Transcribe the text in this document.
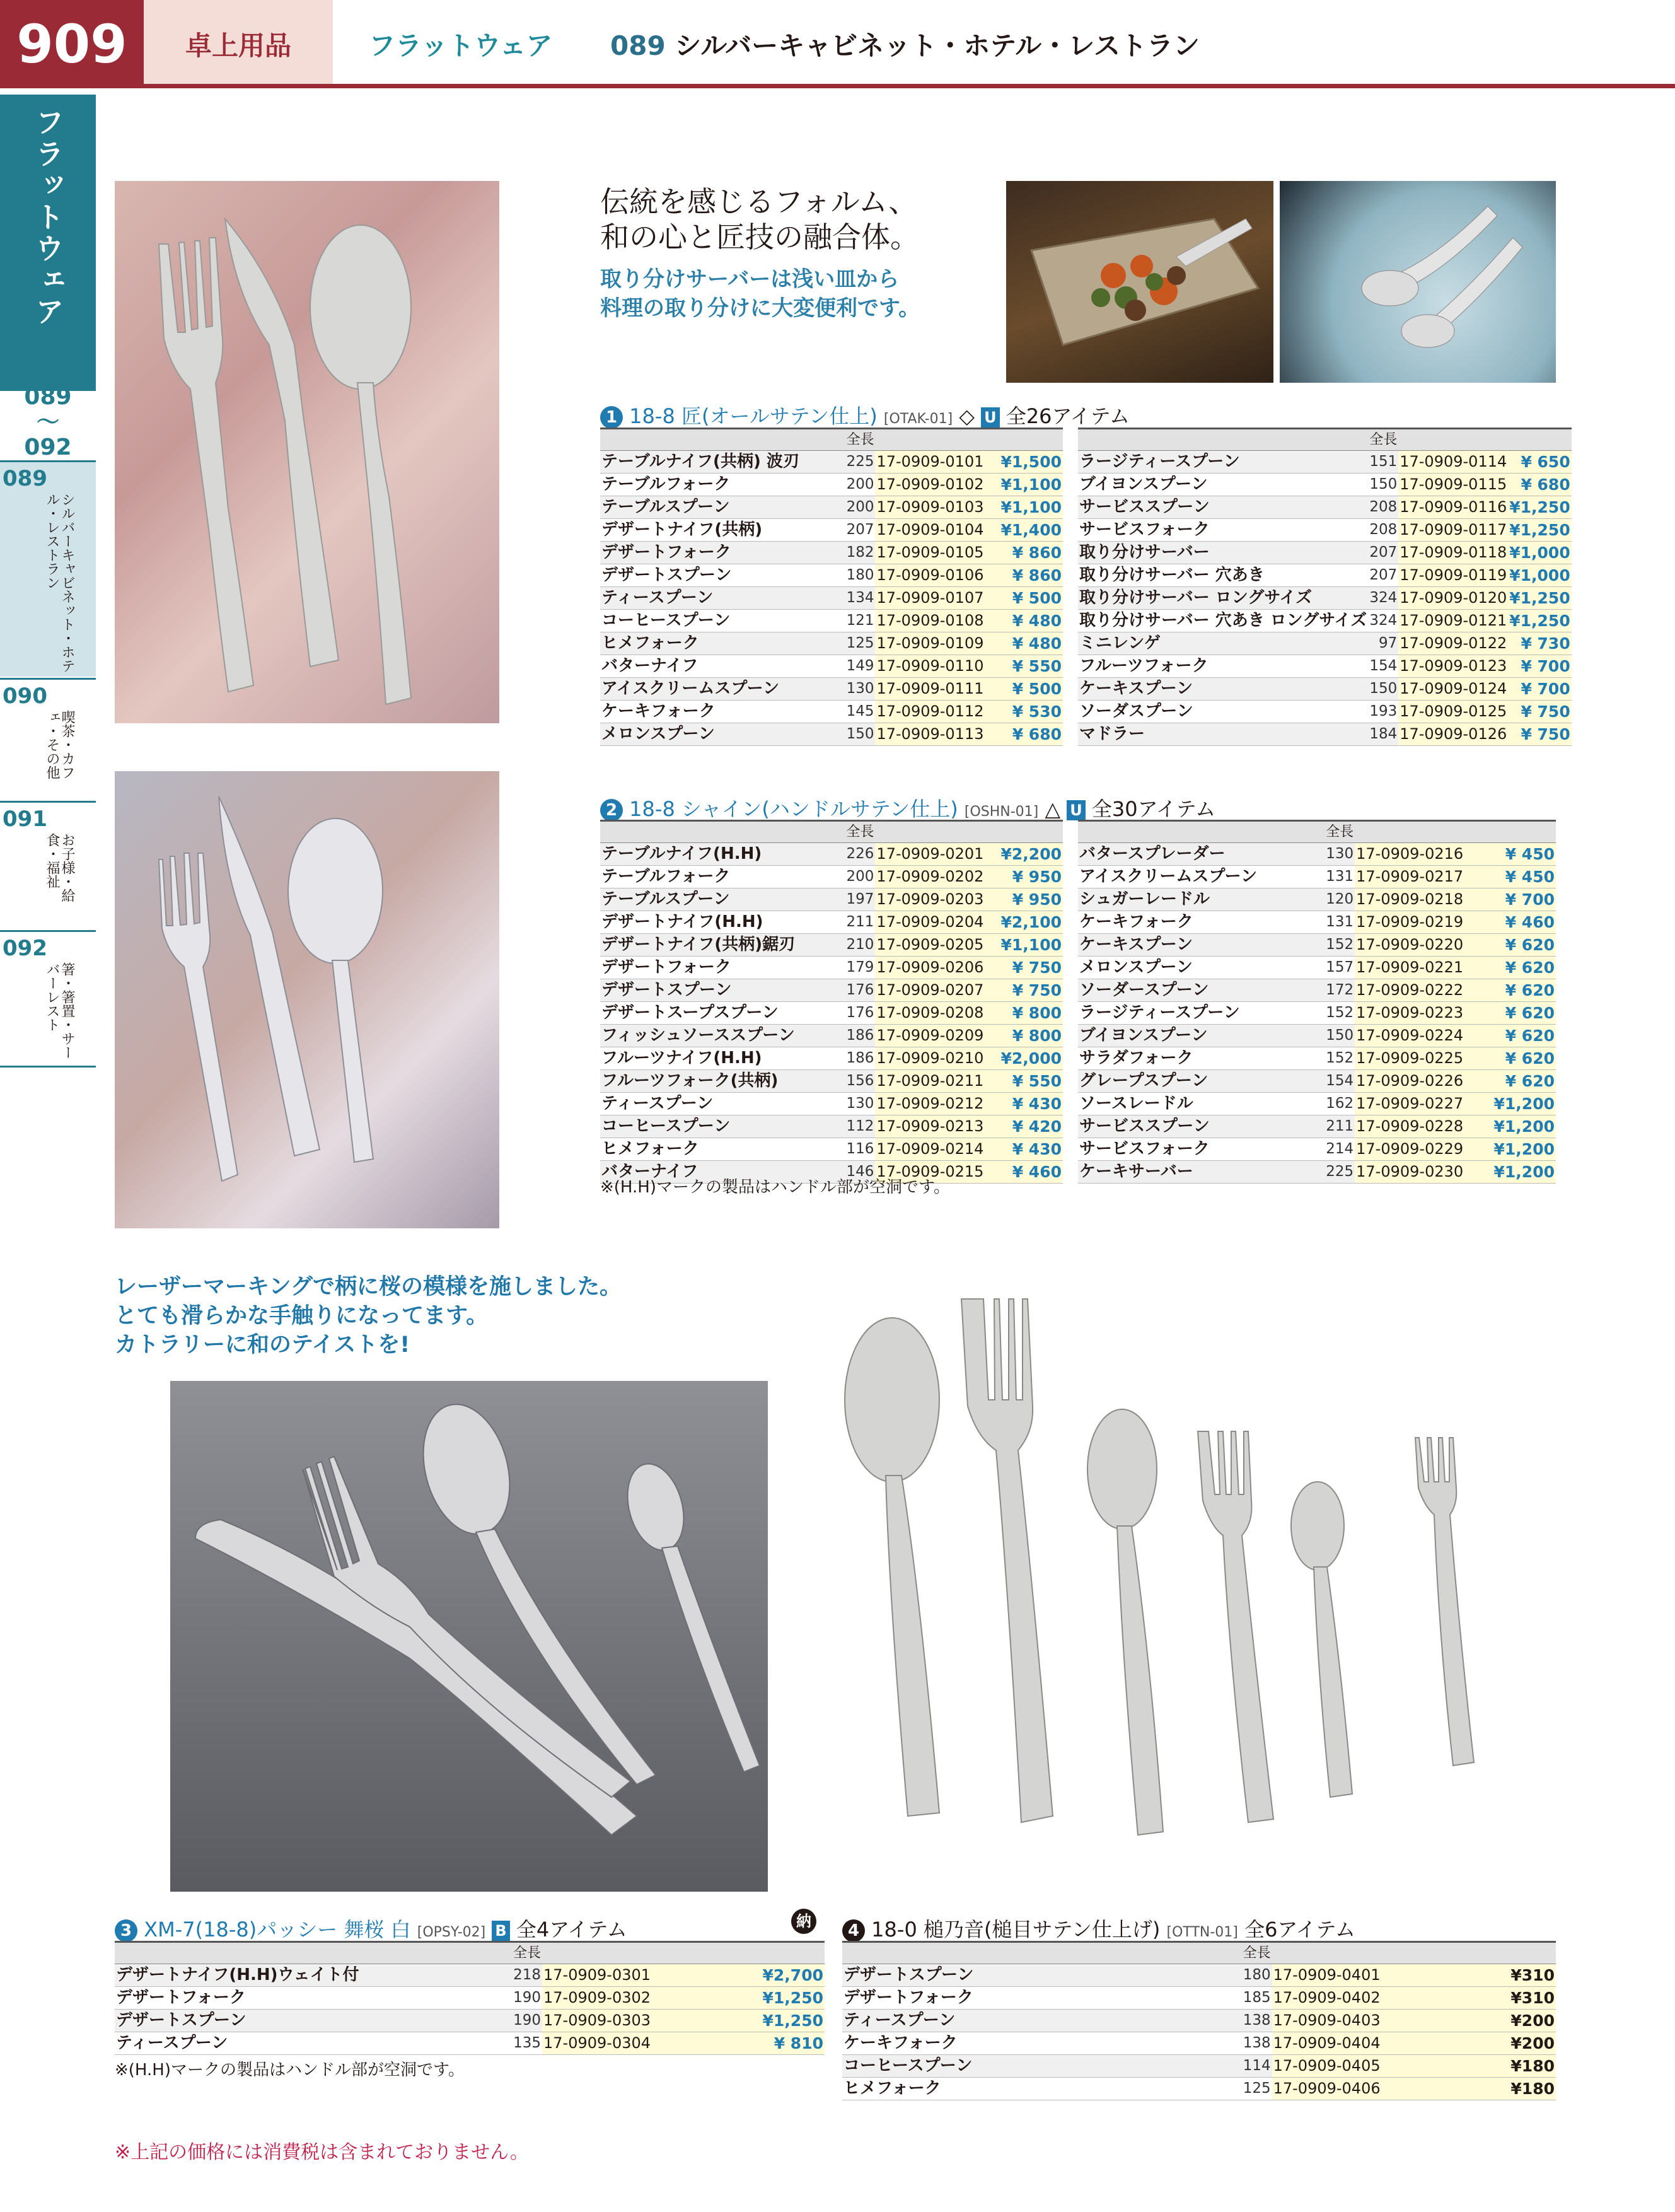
909	卓上用品	フラットウェア 089 シルバーキャビネット・ホテル・レストラン
フラットウェア
089
～
092
089
シルバーキャビネット・ホテル・レストラン
090
喫茶・カフェ・その他
091
お子様・給食・福祉
092
箸・箸置・サーバーレスト
伝統を感じるフォルム、
和の心と匠技の融合体。
取り分けサーバーは浅い皿から
料理の取り分けに大変便利です。
1 18-8 匠(オールサテン仕上) [OTAK-01] ◇ U 全26アイテム
	全長		
テーブルナイフ(共柄) 波刃	225	17-0909-0101	¥1,500
テーブルフォーク	200	17-0909-0102	¥1,100
テーブルスプーン	200	17-0909-0103	¥1,100
デザートナイフ(共柄)	207	17-0909-0104	¥1,400
デザートフォーク	182	17-0909-0105	¥ 860
デザートスプーン	180	17-0909-0106	¥ 860
ティースプーン	134	17-0909-0107	¥ 500
コーヒースプーン	121	17-0909-0108	¥ 480
ヒメフォーク	125	17-0909-0109	¥ 480
バターナイフ	149	17-0909-0110	¥ 550
アイスクリームスプーン	130	17-0909-0111	¥ 500
ケーキフォーク	145	17-0909-0112	¥ 530
メロンスプーン	150	17-0909-0113	¥ 680
	全長		
ラージティースプーン	151	17-0909-0114	¥ 650
ブイヨンスプーン	150	17-0909-0115	¥ 680
サービススプーン	208	17-0909-0116	¥1,250
サービスフォーク	208	17-0909-0117	¥1,250
取り分けサーバー	207	17-0909-0118	¥1,000
取り分けサーバー 穴あき	207	17-0909-0119	¥1,000
取り分けサーバー ロングサイズ	324	17-0909-0120	¥1,250
取り分けサーバー 穴あき ロングサイズ	324	17-0909-0121	¥1,250
ミニレンゲ	97	17-0909-0122	¥ 730
フルーツフォーク	154	17-0909-0123	¥ 700
ケーキスプーン	150	17-0909-0124	¥ 700
ソーダスプーン	193	17-0909-0125	¥ 750
マドラー	184	17-0909-0126	¥ 750
2 18-8 シャイン(ハンドルサテン仕上) [OSHN-01] △ U 全30アイテム
	全長		
テーブルナイフ(H.H)	226	17-0909-0201	¥2,200
テーブルフォーク	200	17-0909-0202	¥ 950
テーブルスプーン	197	17-0909-0203	¥ 950
デザートナイフ(H.H)	211	17-0909-0204	¥2,100
デザートナイフ(共柄)鋸刃	210	17-0909-0205	¥1,100
デザートフォーク	179	17-0909-0206	¥ 750
デザートスプーン	176	17-0909-0207	¥ 750
デザートスープスプーン	176	17-0909-0208	¥ 800
フィッシュソーススプーン	186	17-0909-0209	¥ 800
フルーツナイフ(H.H)	186	17-0909-0210	¥2,000
フルーツフォーク(共柄)	156	17-0909-0211	¥ 550
ティースプーン	130	17-0909-0212	¥ 430
コーヒースプーン	112	17-0909-0213	¥ 420
ヒメフォーク	116	17-0909-0214	¥ 430
バターナイフ	146	17-0909-0215	¥ 460
	全長		
バタースプレーダー	130	17-0909-0216	¥ 450
アイスクリームスプーン	131	17-0909-0217	¥ 450
シュガーレードル	120	17-0909-0218	¥ 700
ケーキフォーク	131	17-0909-0219	¥ 460
ケーキスプーン	152	17-0909-0220	¥ 620
メロンスプーン	157	17-0909-0221	¥ 620
ソーダースプーン	172	17-0909-0222	¥ 620
ラージティースプーン	152	17-0909-0223	¥ 620
ブイヨンスプーン	150	17-0909-0224	¥ 620
サラダフォーク	152	17-0909-0225	¥ 620
グレープスプーン	154	17-0909-0226	¥ 620
ソースレードル	162	17-0909-0227	¥1,200
サービススプーン	211	17-0909-0228	¥1,200
サービスフォーク	214	17-0909-0229	¥1,200
ケーキサーバー	225	17-0909-0230	¥1,200
※(H.H)マークの製品はハンドル部が空洞です。
レーザーマーキングで柄に桜の模様を施しました。
とても滑らかな手触りになってます。
カトラリーに和のテイストを!
3 XM-7(18-8)パッシー 舞桜 白 [OPSY-02] B 全4アイテム	納
	全長		
デザートナイフ(H.H)ウェイト付	218	17-0909-0301	¥2,700
デザートフォーク	190	17-0909-0302	¥1,250
デザートスプーン	190	17-0909-0303	¥1,250
ティースプーン	135	17-0909-0304	¥ 810
※(H.H)マークの製品はハンドル部が空洞です。
4 18-0 槌乃音(槌目サテン仕上げ) [OTTN-01] 全6アイテム
	全長		
デザートスプーン	180	17-0909-0401	¥310
デザートフォーク	185	17-0909-0402	¥310
ティースプーン	138	17-0909-0403	¥200
ケーキフォーク	138	17-0909-0404	¥200
コーヒースプーン	114	17-0909-0405	¥180
ヒメフォーク	125	17-0909-0406	¥180
※上記の価格には消費税は含まれておりません。
